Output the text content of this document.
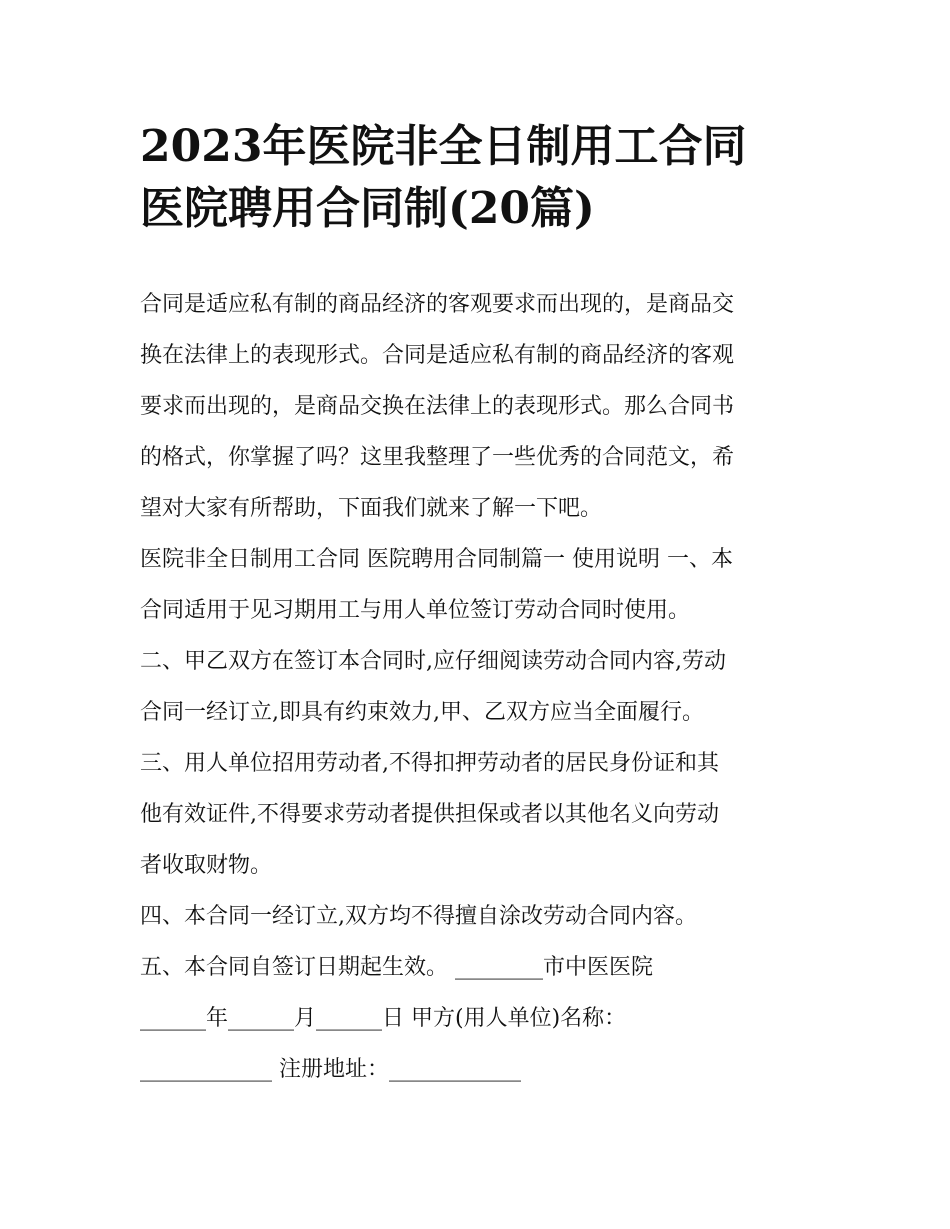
2023年医院非全日制用工合同
医院聘用合同制(20篇)
合同是适应私有制的商品经济的客观要求而出现的，是商品交
换在法律上的表现形式。合同是适应私有制的商品经济的客观
要求而出现的，是商品交换在法律上的表现形式。那么合同书
的格式，你掌握了吗？这里我整理了一些优秀的合同范文，希
望对大家有所帮助，下面我们就来了解一下吧。
医院非全日制用工合同 医院聘用合同制篇一 使用说明 一、本
合同适用于见习期用工与用人单位签订劳动合同时使用。
二、甲乙双方在签订本合同时,应仔细阅读劳动合同内容,劳动
合同一经订立,即具有约束效力,甲、乙双方应当全面履行。
三、用人单位招用劳动者,不得扣押劳动者的居民身份证和其
他有效证件,不得要求劳动者提供担保或者以其他名义向劳动
者收取财物。
四、本合同一经订立,双方均不得擅自涂改劳动合同内容。
五、本合同自签订日期起生效。 ________市中医医院
______年______月______日 甲方(用人单位)名称：
____________ 注册地址：____________
